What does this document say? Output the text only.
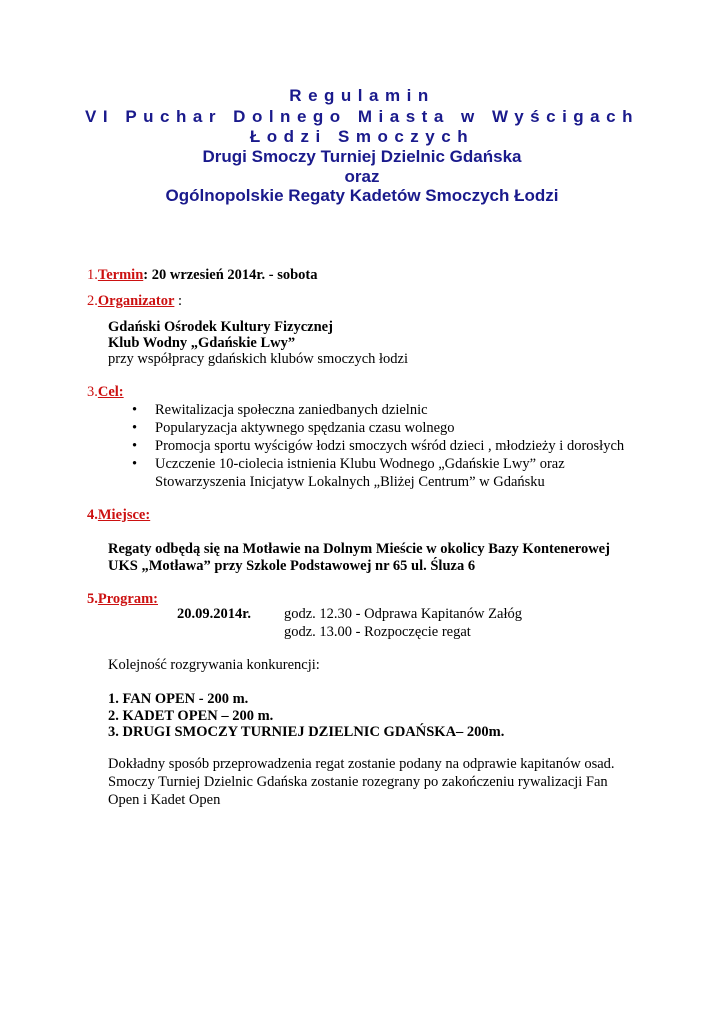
Regulamin
VI Puchar Dolnego Miasta w Wyścigach
Łodzi Smoczych
Drugi Smoczy Turniej Dzielnic Gdańska
oraz
Ogólnopolskie Regaty Kadetów Smoczych Łodzi
1.Termin: 20 wrzesień 2014r. - sobota
2.Organizator :
Gdański Ośrodek Kultury Fizycznej
Klub Wodny „Gdańskie Lwy”
przy współpracy gdańskich klubów smoczych łodzi
3.Cel:
• Rewitalizacja społeczna zaniedbanych dzielnic
• Popularyzacja aktywnego spędzania czasu wolnego
• Promocja sportu wyścigów łodzi smoczych wśród dzieci , młodzieży i dorosłych
• Uczczenie 10-ciolecia istnienia Klubu Wodnego „Gdańskie Lwy” oraz
Stowarzyszenia Inicjatyw Lokalnych „Bliżej Centrum” w Gdańsku
4.Miejsce:
Regaty odbędą się na Motławie na Dolnym Mieście w okolicy Bazy Kontenerowej
UKS „Motława” przy Szkole Podstawowej nr 65 ul. Śluza 6
5.Program:
20.09.2014r. godz. 12.30 - Odprawa Kapitanów Załóg
godz. 13.00 - Rozpoczęcie regat
Kolejność rozgrywania konkurencji:
1. FAN OPEN - 200 m.
2. KADET OPEN – 200 m.
3. DRUGI SMOCZY TURNIEJ DZIELNIC GDAŃSKA– 200m.
Dokładny sposób przeprowadzenia regat zostanie podany na odprawie kapitanów osad.
Smoczy Turniej Dzielnic Gdańska zostanie rozegrany po zakończeniu rywalizacji Fan
Open i Kadet Open
